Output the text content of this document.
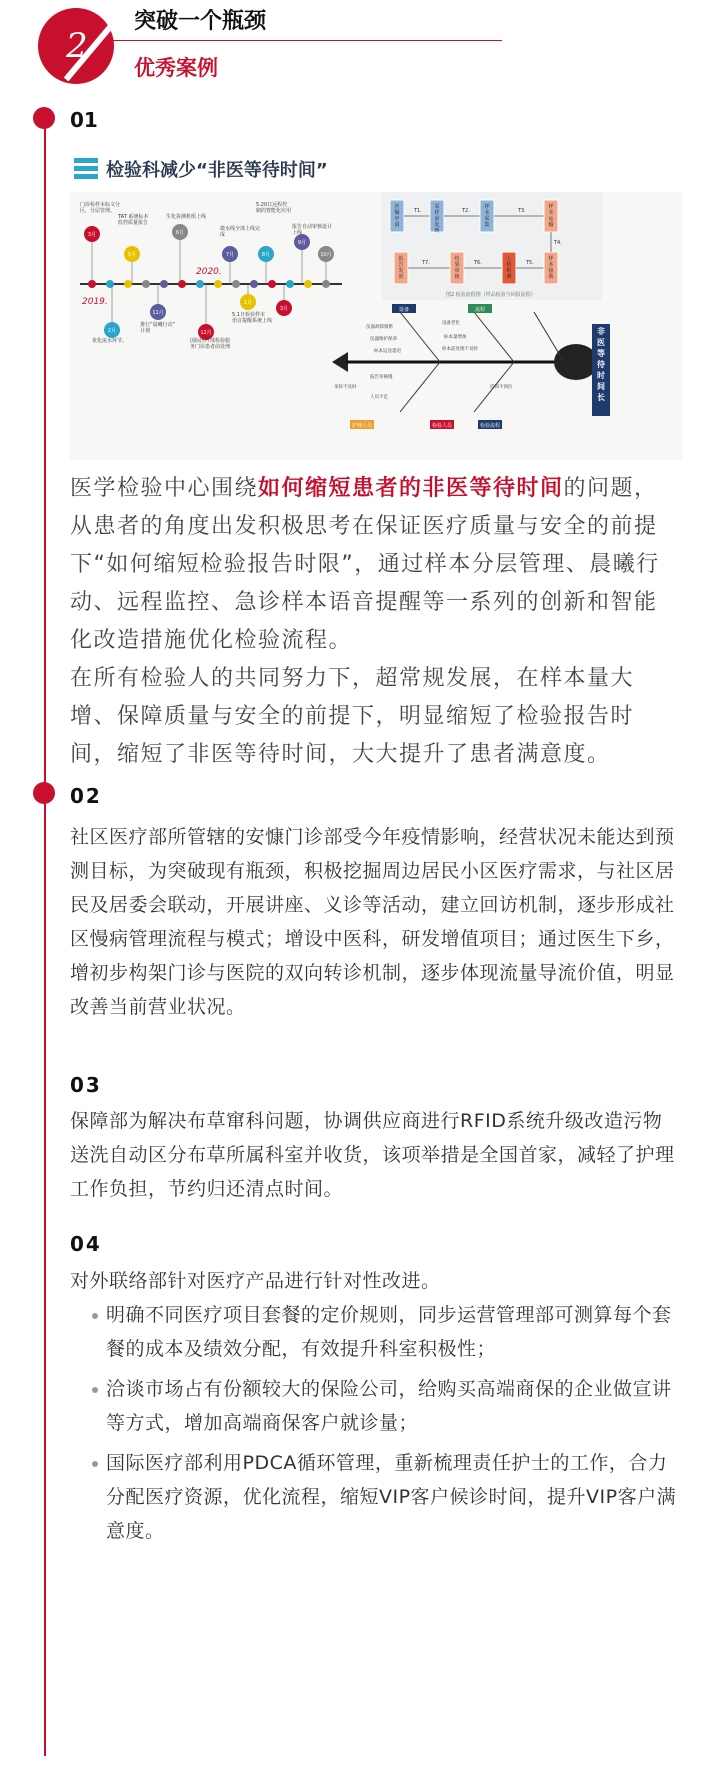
2
突破一个瓶颈
优秀案例
01
检验科减少“非医等待时间”
2019.
2020.
3月
5月
6月
7月	8月
9月
10月
11月
12月
1月
2月
3月
门诊检样本标文分区，分层管理。
TAT 系统标本监控质量报告
生化拼测机组上线
微水线全部上线完成
5.20日远程控制的智能化应用
报告自动审核设计上线
优化流水环节。
推行“晨曦行动”计划
国际医疗部检验服务门诊患者前处理
5.1日检验样本语音提醒系统上线
医嘱申请
采样前处理
样本采集
样本运输
报告发放
结果审核
上机检测
样本接收
T1.	T2.	T3.
T4.
T5.
T6.
T7.
图2 检验流程图（样品检验与回报流程）
非医等待时间长
设备	流程
护理人员	检验人员	检验流程
仪器故障频繁
仪器维护保养
标本运送延迟
设备老化
标本量增加
样本前处理不及时
采样不及时
报告审核慢
人员不足
培训不到位

医学检验中心围绕如何缩短患者的非医等待时间的问题，从患者的角度出发积极思考在保证医疗质量与安全的前提下“如何缩短检验报告时限”，通过样本分层管理、晨曦行动、远程监控、急诊样本语音提醒等一系列的创新和智能化改造措施优化检验流程。

在所有检验人的共同努力下，超常规发展，在样本量大增、保障质量与安全的前提下，明显缩短了检验报告时间，缩短了非医等待时间，大大提升了患者满意度。

02

社区医疗部所管辖的安慷门诊部受今年疫情影响，经营状况未能达到预测目标，为突破现有瓶颈，积极挖掘周边居民小区医疗需求，与社区居民及居委会联动，开展讲座、义诊等活动，建立回访机制，逐步形成社区慢病管理流程与模式；增设中医科，研发增值项目；通过医生下乡，增初步构架门诊与医院的双向转诊机制，逐步体现流量导流价值，明显改善当前营业状况。

03

保障部为解决布草窜科问题，协调供应商进行RFID系统升级改造污物送洗自动区分布草所属科室并收货，该项举措是全国首家，减轻了护理工作负担，节约归还清点时间。

04

对外联络部针对医疗产品进行针对性改进。

明确不同医疗项目套餐的定价规则，同步运营管理部可测算每个套餐的成本及绩效分配，有效提升科室积极性；
洽谈市场占有份额较大的保险公司，给购买高端商保的企业做宣讲等方式，增加高端商保客户就诊量；
国际医疗部利用PDCA循环管理，重新梳理责任护士的工作，合力分配医疗资源，优化流程，缩短VIP客户候诊时间，提升VIP客户满意度。
